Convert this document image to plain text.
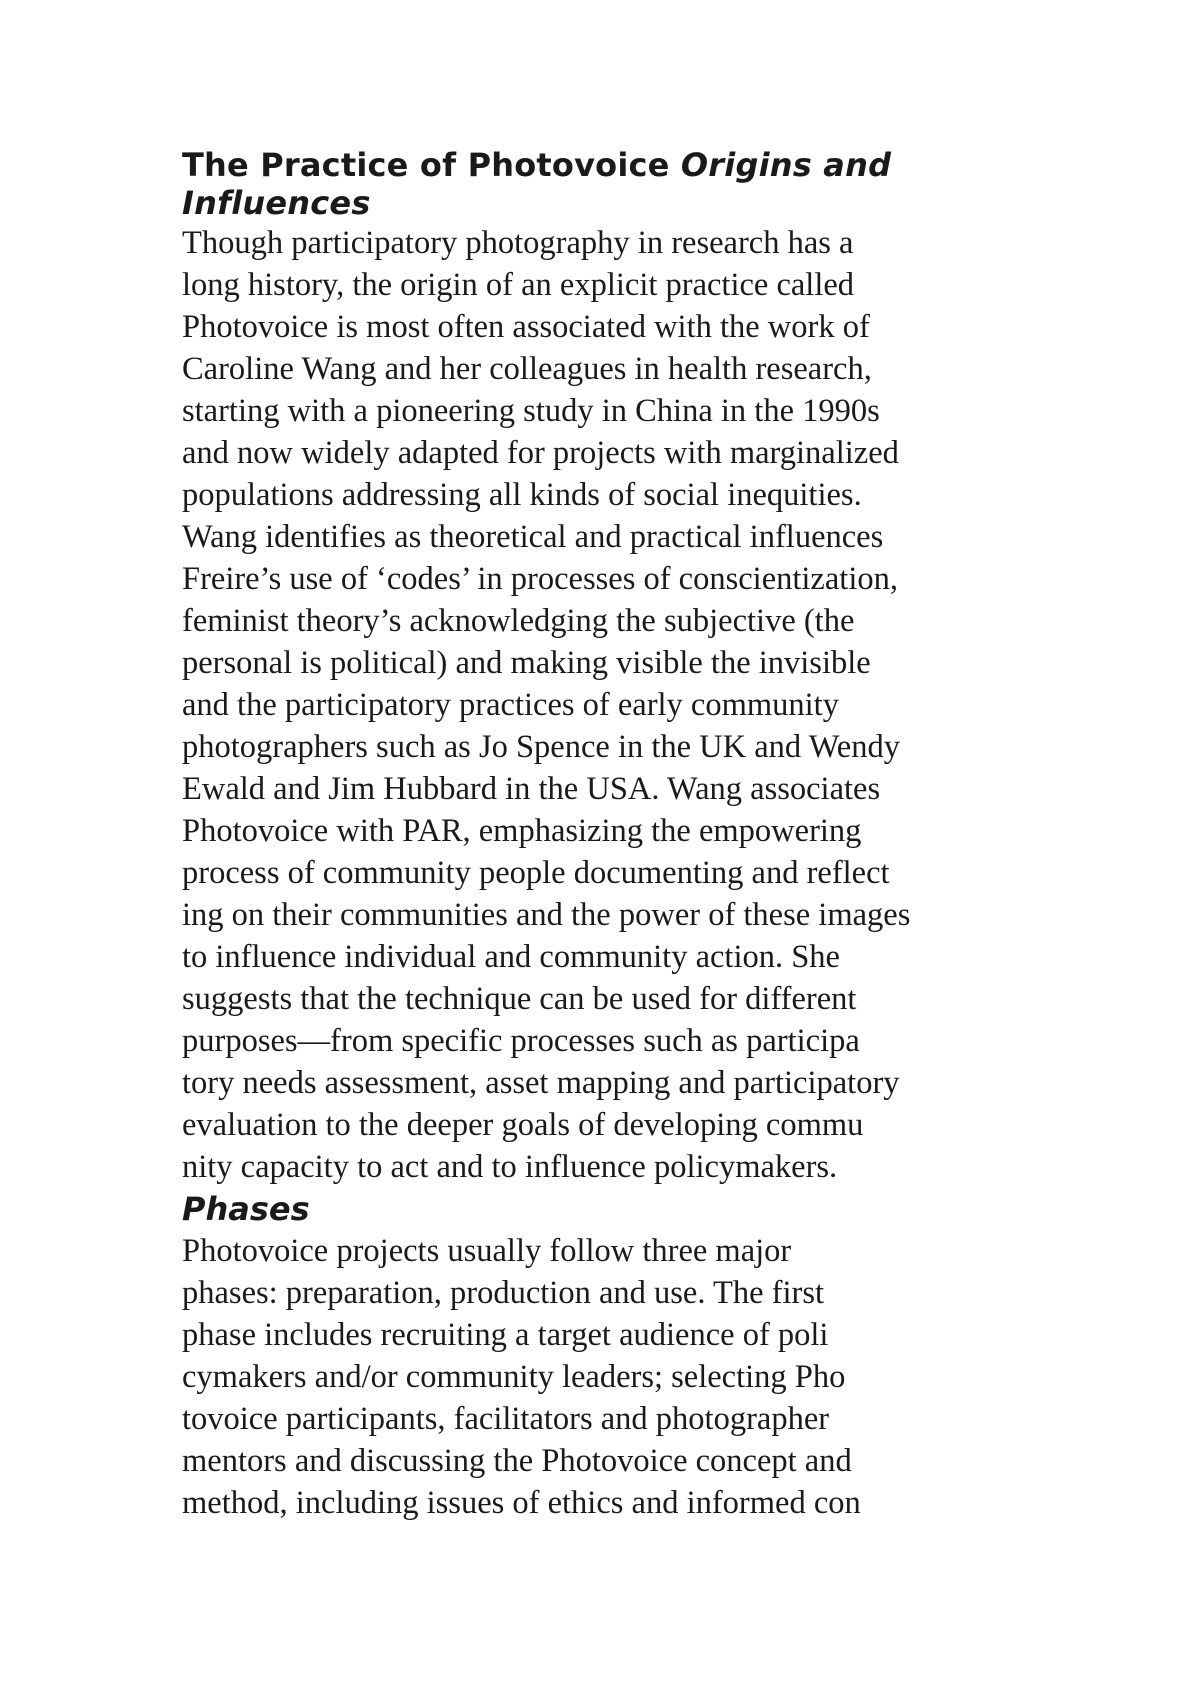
The Practice of Photovoice Origins and
Influences

Though participatory photography in research has a

long history, the origin of an explicit practice called

Photovoice is most often associated with the work of

Caroline Wang and her colleagues in health research,

starting with a pioneering study in China in the 1990s

and now widely adapted for projects with marginalized

populations addressing all kinds of social inequities.

Wang identifies as theoretical and practical influences

Freire’s use of ‘codes’ in processes of conscientization,

feminist theory’s acknowledging the subjective (the

personal is political) and making visible the invisible

and the participatory practices of early community

photographers such as Jo Spence in the UK and Wendy

Ewald and Jim Hubbard in the USA. Wang associates

Photovoice with PAR, emphasizing the empowering

process of community people documenting and reflect

ing on their communities and the power of these images

to influence individual and community action. She

suggests that the technique can be used for different

purposes—from specific processes such as participa

tory needs assessment, asset mapping and participatory

evaluation to the deeper goals of developing commu

nity capacity to act and to influence policymakers.

Phases

Photovoice projects usually follow three major

phases: preparation, production and use. The first

phase includes recruiting a target audience of poli

cymakers and/or community leaders; selecting Pho

tovoice participants, facilitators and photographer

mentors and discussing the Photovoice concept and

method, including issues of ethics and informed con
